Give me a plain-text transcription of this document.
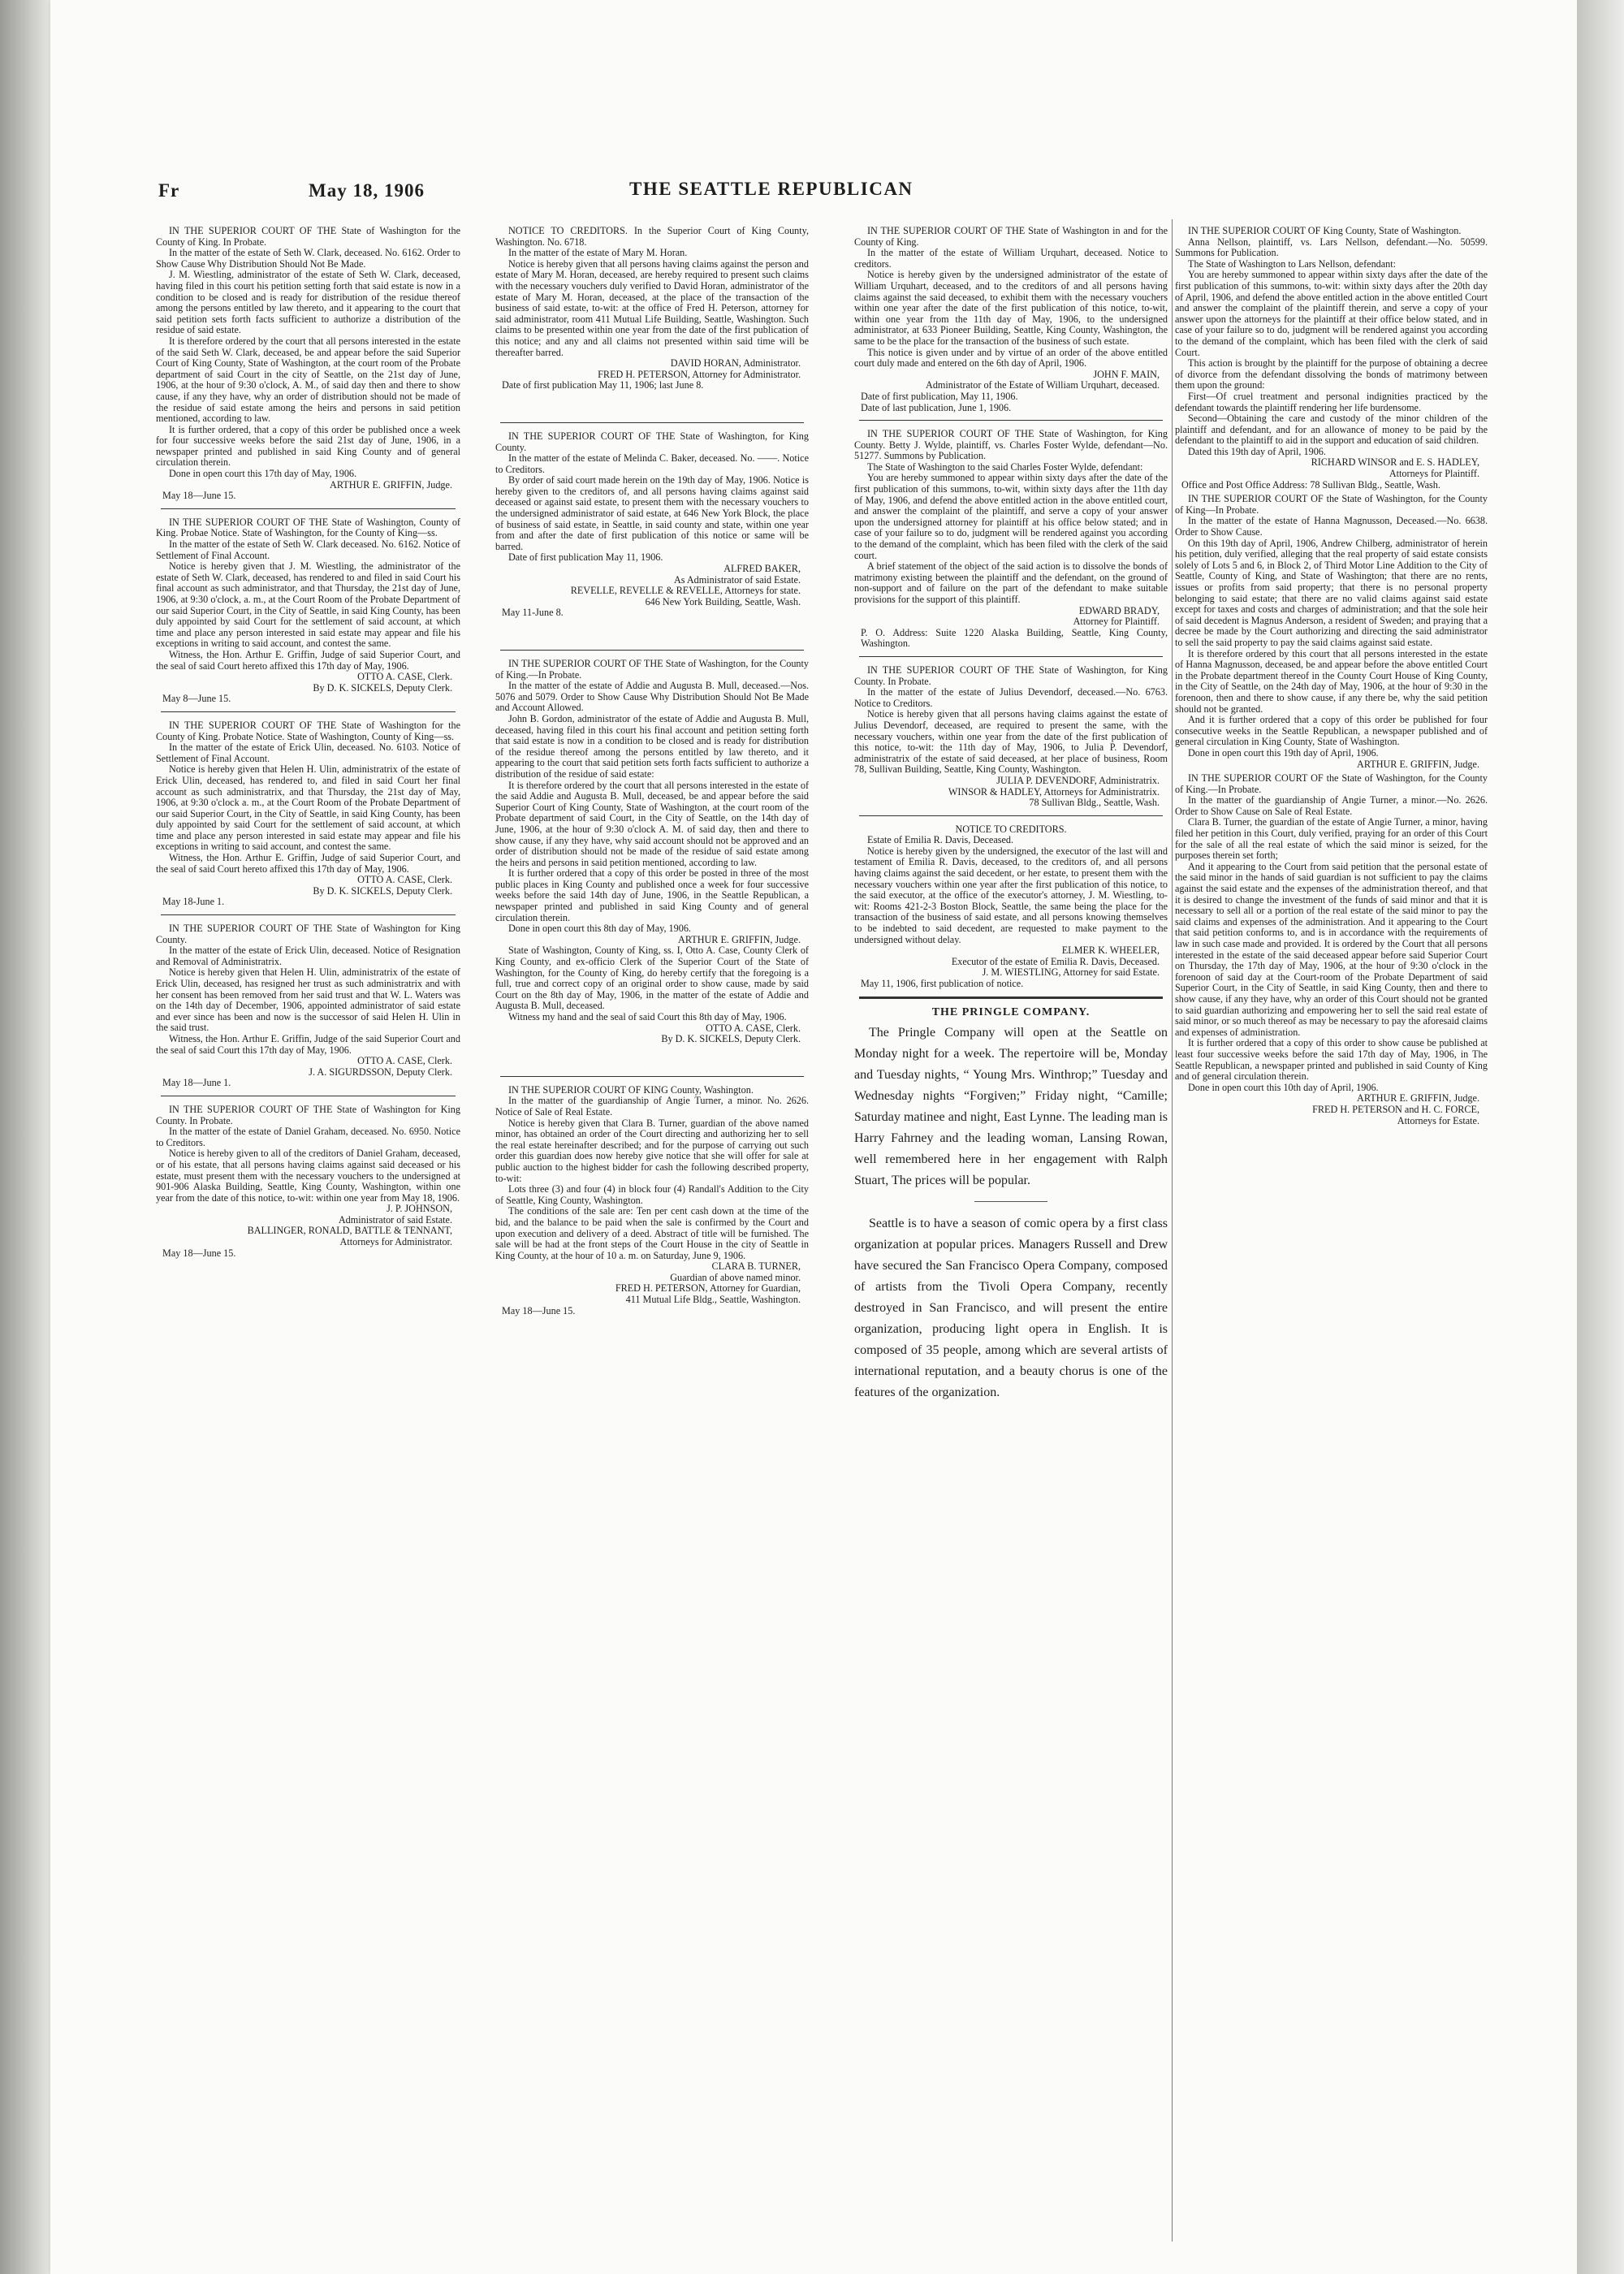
Fr	May 18, 1906	THE SEATTLE REPUBLICAN

IN THE SUPERIOR COURT OF THE State of Washington for the County of King. In Probate.

In the matter of the estate of Seth W. Clark, deceased. No. 6162. Order to Show Cause Why Distribution Should Not Be Made.

J. M. Wiestling, administrator of the estate of Seth W. Clark, deceased, having filed in this court his petition setting forth that said estate is now in a condition to be closed and is ready for distribution of the residue thereof among the persons entitled by law thereto, and it appearing to the court that said petition sets forth facts sufficient to authorize a distribution of the residue of said estate.

It is therefore ordered by the court that all persons interested in the estate of the said Seth W. Clark, deceased, be and appear before the said Superior Court of King County, State of Washington, at the court room of the Probate department of said Court in the city of Seattle, on the 21st day of June, 1906, at the hour of 9:30 o'clock, A. M., of said day then and there to show cause, if any they have, why an order of distribution should not be made of the residue of said estate among the heirs and persons in said petition mentioned, according to law.

It is further ordered, that a copy of this order be published once a week for four successive weeks before the said 21st day of June, 1906, in a newspaper printed and published in said King County and of general circulation therein.

Done in open court this 17th day of May, 1906.

ARTHUR E. GRIFFIN, Judge.

May 18—June 15.

IN THE SUPERIOR COURT OF THE State of Washington, County of King. Probae Notice. State of Washington, for the County of King—ss.

In the matter of the estate of Seth W. Clark deceased. No. 6162. Notice of Settlement of Final Account.

Notice is hereby given that J. M. Wiestling, the administrator of the estate of Seth W. Clark, deceased, has rendered to and filed in said Court his final account as such administrator, and that Thursday, the 21st day of June, 1906, at 9:30 o'clock, a. m., at the Court Room of the Probate Department of our said Superior Court, in the City of Seattle, in said King County, has been duly appointed by said Court for the settlement of said account, at which time and place any person interested in said estate may appear and file his exceptions in writing to said account, and contest the same.

Witness, the Hon. Arthur E. Griffin, Judge of said Superior Court, and the seal of said Court hereto affixed this 17th day of May, 1906.

OTTO A. CASE, Clerk.

By D. K. SICKELS, Deputy Clerk.

May 8—June 15.

IN THE SUPERIOR COURT OF THE State of Washington for the County of King. Probate Notice. State of Washington, County of King—ss.

In the matter of the estate of Erick Ulin, deceased. No. 6103. Notice of Settlement of Final Account.

Notice is hereby given that Helen H. Ulin, administratrix of the estate of Erick Ulin, deceased, has rendered to, and filed in said Court her final account as such administratrix, and that Thursday, the 21st day of May, 1906, at 9:30 o'clock a. m., at the Court Room of the Probate Department of our said Superior Court, in the City of Seattle, in said King County, has been duly appointed by said Court for the settlement of said account, at which time and place any person interested in said estate may appear and file his exceptions in writing to said account, and contest the same.

Witness, the Hon. Arthur E. Griffin, Judge of said Superior Court, and the seal of said Court hereto affixed this 17th day of May, 1906.

OTTO A. CASE, Clerk.

By D. K. SICKELS, Deputy Clerk.

May 18-June 1.

IN THE SUPERIOR COURT OF THE State of Washington for King County.

In the matter of the estate of Erick Ulin, deceased. Notice of Resignation and Removal of Administratrix.

Notice is hereby given that Helen H. Ulin, administratrix of the estate of Erick Ulin, deceased, has resigned her trust as such administratrix and with her consent has been removed from her said trust and that W. L. Waters was on the 14th day of December, 1906, appointed administrator of said estate and ever since has been and now is the successor of said Helen H. Ulin in the said trust.

Witness, the Hon. Arthur E. Griffin, Judge of the said Superior Court and the seal of said Court this 17th day of May, 1906.

OTTO A. CASE, Clerk.

J. A. SIGURDSSON, Deputy Clerk.

May 18—June 1.

IN THE SUPERIOR COURT OF THE State of Washington for King County. In Probate.

In the matter of the estate of Daniel Graham, deceased. No. 6950. Notice to Creditors.

Notice is hereby given to all of the creditors of Daniel Graham, deceased, or of his estate, that all persons having claims against said deceased or his estate, must present them with the necessary vouchers to the undersigned at 901-906 Alaska Building, Seattle, King County, Washington, within one year from the date of this notice, to-wit: within one year from May 18, 1906.

J. P. JOHNSON,

Administrator of said Estate.

BALLINGER, RONALD, BATTLE & TENNANT,

Attorneys for Administrator.

May 18—June 15.

NOTICE TO CREDITORS. In the Superior Court of King County, Washington. No. 6718.

In the matter of the estate of Mary M. Horan.

Notice is hereby given that all persons having claims against the person and estate of Mary M. Horan, deceased, are hereby required to present such claims with the necessary vouchers duly verified to David Horan, administrator of the estate of Mary M. Horan, deceased, at the place of the transaction of the business of said estate, to-wit: at the office of Fred H. Peterson, attorney for said administrator, room 411 Mutual Life Building, Seattle, Washington. Such claims to be presented within one year from the date of the first publication of this notice; and any and all claims not presented within said time will be thereafter barred.

DAVID HORAN, Administrator.

FRED H. PETERSON, Attorney for Administrator.

Date of first publication May 11, 1906; last June 8.

IN THE SUPERIOR COURT OF THE State of Washington, for King County.

In the matter of the estate of Melinda C. Baker, deceased. No. ——. Notice to Creditors.

By order of said court made herein on the 19th day of May, 1906. Notice is hereby given to the creditors of, and all persons having claims against said deceased or against said estate, to present them with the necessary vouchers to the undersigned administrator of said estate, at 646 New York Block, the place of business of said estate, in Seattle, in said county and state, within one year from and after the date of first publication of this notice or same will be barred.

Date of first publication May 11, 1906.

ALFRED BAKER,

As Administrator of said Estate.

REVELLE, REVELLE & REVELLE, Attorneys for state.

646 New York Building, Seattle, Wash.

May 11-June 8.

IN THE SUPERIOR COURT OF THE State of Washington, for the County of King.—In Probate.

In the matter of the estate of Addie and Augusta B. Mull, deceased.—Nos. 5076 and 5079. Order to Show Cause Why Distribution Should Not Be Made and Account Allowed.

John B. Gordon, administrator of the estate of Addie and Augusta B. Mull, deceased, having filed in this court his final account and petition setting forth that said estate is now in a condition to be closed and is ready for distribution of the residue thereof among the persons entitled by law thereto, and it appearing to the court that said petition sets forth facts sufficient to authorize a distribution of the residue of said estate:

It is therefore ordered by the court that all persons interested in the estate of the said Addie and Augusta B. Mull, deceased, be and appear before the said Superior Court of King County, State of Washington, at the court room of the Probate department of said Court, in the City of Seattle, on the 14th day of June, 1906, at the hour of 9:30 o'clock A. M. of said day, then and there to show cause, if any they have, why said account should not be approved and an order of distribution should not be made of the residue of said estate among the heirs and persons in said petition mentioned, according to law.

It is further ordered that a copy of this order be posted in three of the most public places in King County and published once a week for four successive weeks before the said 14th day of June, 1906, in the Seattle Republican, a newspaper printed and published in said King County and of general circulation therein.

Done in open court this 8th day of May, 1906.

ARTHUR E. GRIFFIN, Judge.

State of Washington, County of King, ss. I, Otto A. Case, County Clerk of King County, and ex-officio Clerk of the Superior Court of the State of Washington, for the County of King, do hereby certify that the foregoing is a full, true and correct copy of an original order to show cause, made by said Court on the 8th day of May, 1906, in the matter of the estate of Addie and Augusta B. Mull, deceased.

Witness my hand and the seal of said Court this 8th day of May, 1906.

OTTO A. CASE, Clerk.

By D. K. SICKELS, Deputy Clerk.

IN THE SUPERIOR COURT OF KING County, Washington.

In the matter of the guardianship of Angie Turner, a minor. No. 2626. Notice of Sale of Real Estate.

Notice is hereby given that Clara B. Turner, guardian of the above named minor, has obtained an order of the Court directing and authorizing her to sell the real estate hereinafter described; and for the purpose of carrying out such order this guardian does now hereby give notice that she will offer for sale at public auction to the highest bidder for cash the following described property, to-wit:

Lots three (3) and four (4) in block four (4) Randall's Addition to the City of Seattle, King County, Washington.

The conditions of the sale are: Ten per cent cash down at the time of the bid, and the balance to be paid when the sale is confirmed by the Court and upon execution and delivery of a deed. Abstract of title will be furnished. The sale will be had at the front steps of the Court House in the city of Seattle in King County, at the hour of 10 a. m. on Saturday, June 9, 1906.

CLARA B. TURNER,

Guardian of above named minor.

FRED H. PETERSON, Attorney for Guardian,

411 Mutual Life Bldg., Seattle, Washington.

May 18—June 15.

IN THE SUPERIOR COURT OF THE State of Washington in and for the County of King.

In the matter of the estate of William Urquhart, deceased. Notice to creditors.

Notice is hereby given by the undersigned administrator of the estate of William Urquhart, deceased, and to the creditors of and all persons having claims against the said deceased, to exhibit them with the necessary vouchers within one year after the date of the first publication of this notice, to-wit, within one year from the 11th day of May, 1906, to the undersigned administrator, at 633 Pioneer Building, Seattle, King County, Washington, the same to be the place for the transaction of the business of such estate.

This notice is given under and by virtue of an order of the above entitled court duly made and entered on the 6th day of April, 1906.

JOHN F. MAIN,

Administrator of the Estate of William Urquhart, deceased.

Date of first publication, May 11, 1906.

Date of last publication, June 1, 1906.

IN THE SUPERIOR COURT OF THE State of Washington, for King County. Betty J. Wylde, plaintiff, vs. Charles Foster Wylde, defendant—No. 51277. Summons by Publication.

The State of Washington to the said Charles Foster Wylde, defendant:

You are hereby summoned to appear within sixty days after the date of the first publication of this summons, to-wit, within sixty days after the 11th day of May, 1906, and defend the above entitled action in the above entitled court, and answer the complaint of the plaintiff, and serve a copy of your answer upon the undersigned attorney for plaintiff at his office below stated; and in case of your failure so to do, judgment will be rendered against you according to the demand of the complaint, which has been filed with the clerk of the said court.

A brief statement of the object of the said action is to dissolve the bonds of matrimony existing between the plaintiff and the defendant, on the ground of non-support and of failure on the part of the defendant to make suitable provisions for the support of this plaintiff.

EDWARD BRADY,

Attorney for Plaintiff.

P. O. Address: Suite 1220 Alaska Building, Seattle, King County, Washington.

IN THE SUPERIOR COURT OF THE State of Washington, for King County. In Probate.

In the matter of the estate of Julius Devendorf, deceased.—No. 6763. Notice to Creditors.

Notice is hereby given that all persons having claims against the estate of Julius Devendorf, deceased, are required to present the same, with the necessary vouchers, within one year from the date of the first publication of this notice, to-wit: the 11th day of May, 1906, to Julia P. Devendorf, administratrix of the estate of said deceased, at her place of business, Room 78, Sullivan Building, Seattle, King County, Washington.

JULIA P. DEVENDORF, Administratrix.

WINSOR & HADLEY, Attorneys for Administratrix.

78 Sullivan Bldg., Seattle, Wash.

NOTICE TO CREDITORS.

Estate of Emilia R. Davis, Deceased.

Notice is hereby given by the undersigned, the executor of the last will and testament of Emilia R. Davis, deceased, to the creditors of, and all persons having claims against the said decedent, or her estate, to present them with the necessary vouchers within one year after the first publication of this notice, to the said executor, at the office of the executor's attorney, J. M. Wiestling, to-wit: Rooms 421-2-3 Boston Block, Seattle, the same being the place for the transaction of the business of said estate, and all persons knowing themselves to be indebted to said decedent, are requested to make payment to the undersigned without delay.

ELMER K. WHEELER,

Executor of the estate of Emilia R. Davis, Deceased.

J. M. WIESTLING, Attorney for said Estate.

May 11, 1906, first publication of notice.

THE PRINGLE COMPANY.

The Pringle Company will open at the Seattle on Monday night for a week. The repertoire will be, Monday and Tuesday nights, “ Young Mrs. Winthrop;” Tuesday and Wednesday nights “Forgiven;” Friday night, “Camille; Saturday matinee and night, East Lynne. The leading man is Harry Fahrney and the leading woman, Lansing Rowan, well remembered here in her engagement with Ralph Stuart, The prices will be popular.

Seattle is to have a season of comic opera by a first class organization at popular prices. Managers Russell and Drew have secured the San Francisco Opera Company, composed of artists from the Tivoli Opera Company, recently destroyed in San Francisco, and will present the entire organization, producing light opera in English. It is composed of 35 people, among which are several artists of international reputation, and a beauty chorus is one of the features of the organization.

IN THE SUPERIOR COURT OF King County, State of Washington.

Anna Nellson, plaintiff, vs. Lars Nellson, defendant.—No. 50599. Summons for Publication.

The State of Washington to Lars Nellson, defendant:

You are hereby summoned to appear within sixty days after the date of the first publication of this summons, to-wit: within sixty days after the 20th day of April, 1906, and defend the above entitled action in the above entitled Court and answer the complaint of the plaintiff therein, and serve a copy of your answer upon the attorneys for the plaintiff at their office below stated, and in case of your failure so to do, judgment will be rendered against you according to the demand of the complaint, which has been filed with the clerk of said Court.

This action is brought by the plaintiff for the purpose of obtaining a decree of divorce from the defendant dissolving the bonds of matrimony between them upon the ground:

First—Of cruel treatment and personal indignities practiced by the defendant towards the plaintiff rendering her life burdensome.

Second—Obtaining the care and custody of the minor children of the plaintiff and defendant, and for an allowance of money to be paid by the defendant to the plaintiff to aid in the support and education of said children.

Dated this 19th day of April, 1906.

RICHARD WINSOR and E. S. HADLEY,

Attorneys for Plaintiff.

Office and Post Office Address: 78 Sullivan Bldg., Seattle, Wash.

IN THE SUPERIOR COURT OF the State of Washington, for the County of King—In Probate.

In the matter of the estate of Hanna Magnusson, Deceased.—No. 6638. Order to Show Cause.

On this 19th day of April, 1906, Andrew Chilberg, administrator of herein his petition, duly verified, alleging that the real property of said estate consists solely of Lots 5 and 6, in Block 2, of Third Motor Line Addition to the City of Seattle, County of King, and State of Washington; that there are no rents, issues or profits from said property; that there is no personal property belonging to said estate; that there are no valid claims against said estate except for taxes and costs and charges of administration; and that the sole heir of said decedent is Magnus Anderson, a resident of Sweden; and praying that a decree be made by the Court authorizing and directing the said administrator to sell the said property to pay the said claims against said estate.

It is therefore ordered by this court that all persons interested in the estate of Hanna Magnusson, deceased, be and appear before the above entitled Court in the Probate department thereof in the County Court House of King County, in the City of Seattle, on the 24th day of May, 1906, at the hour of 9:30 in the forenoon, then and there to show cause, if any there be, why the said petition should not be granted.

And it is further ordered that a copy of this order be published for four consecutive weeks in the Seattle Republican, a newspaper published and of general circulation in King County, State of Washington.

Done in open court this 19th day of April, 1906.

ARTHUR E. GRIFFIN, Judge.

IN THE SUPERIOR COURT OF the State of Washington, for the County of King.—In Probate.

In the matter of the guardianship of Angie Turner, a minor.—No. 2626. Order to Show Cause on Sale of Real Estate.

Clara B. Turner, the guardian of the estate of Angie Turner, a minor, having filed her petition in this Court, duly verified, praying for an order of this Court for the sale of all the real estate of which the said minor is seized, for the purposes therein set forth;

And it appearing to the Court from said petition that the personal estate of the said minor in the hands of said guardian is not sufficient to pay the claims against the said estate and the expenses of the administration thereof, and that it is desired to change the investment of the funds of said minor and that it is necessary to sell all or a portion of the real estate of the said minor to pay the said claims and expenses of the administration. And it appearing to the Court that said petition conforms to, and is in accordance with the requirements of law in such case made and provided. It is ordered by the Court that all persons interested in the estate of the said deceased appear before said Superior Court on Thursday, the 17th day of May, 1906, at the hour of 9:30 o'clock in the forenoon of said day at the Court-room of the Probate Department of said Superior Court, in the City of Seattle, in said King County, then and there to show cause, if any they have, why an order of this Court should not be granted to said guardian authorizing and empowering her to sell the said real estate of said minor, or so much thereof as may be necessary to pay the aforesaid claims and expenses of administration.

It is further ordered that a copy of this order to show cause be published at least four successive weeks before the said 17th day of May, 1906, in The Seattle Republican, a newspaper printed and published in said County of King and of general circulation therein.

Done in open court this 10th day of April, 1906.

ARTHUR E. GRIFFIN, Judge.

FRED H. PETERSON and H. C. FORCE,

Attorneys for Estate.
